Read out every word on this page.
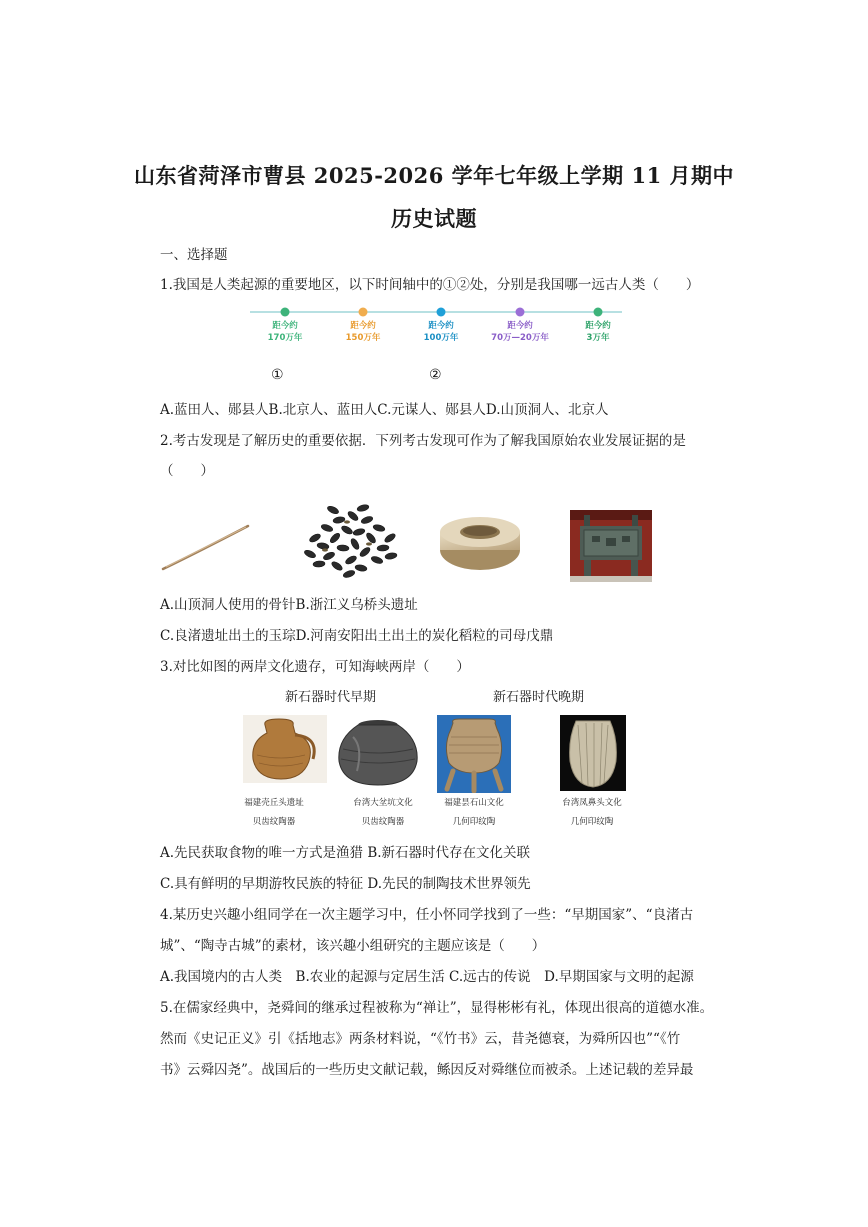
山东省菏泽市曹县 2025-2026 学年七年级上学期 11 月期中
历史试题
一、选择题
1.我国是人类起源的重要地区，以下时间轴中的①②处，分别是我国哪一远古人类（　　）
距今约
170万年
距今约
150万年
距今约
100万年
距今约
70万—20万年
距今约
3万年
①	②
A.蓝田人、郧县人B.北京人、蓝田人C.元谋人、郧县人D.山顶洞人、北京人
2.考古发现是了解历史的重要依据．下列考古发现可作为了解我国原始农业发展证据的是
（　　）
A.山顶洞人使用的骨针B.浙江义乌桥头遗址
C.良渚遗址出土的玉琮D.河南安阳出土出土的炭化稻粒的司母戊鼎
3.对比如图的两岸文化遗存，可知海峡两岸（　　）
新石器时代早期	新石器时代晚期
福建壳丘头遗址
贝齿纹陶器
台湾大坌坑文化
贝齿纹陶器
福建昙石山文化
几何印纹陶
台湾凤鼻头文化
几何印纹陶
A.先民获取食物的唯一方式是渔猎 B.新石器时代存在文化关联
C.具有鲜明的早期游牧民族的特征 D.先民的制陶技术世界领先
4.某历史兴趣小组同学在一次主题学习中，任小怀同学找到了一些：“早期国家”、“良渚古
城”、“陶寺古城”的素材，该兴趣小组研究的主题应该是（　　）
A.我国境内的古人类　B.农业的起源与定居生活 C.远古的传说　D.早期国家与文明的起源
5.在儒家经典中，尧舜间的继承过程被称为“禅让”，显得彬彬有礼，体现出很高的道德水准。
然而《史记正义》引《括地志》两条材料说，“《竹书》云，昔尧德衰，为舜所囚也”“《竹
书》云舜囚尧”。战国后的一些历史文献记载，鲧因反对舜继位而被杀。上述记载的差异最
